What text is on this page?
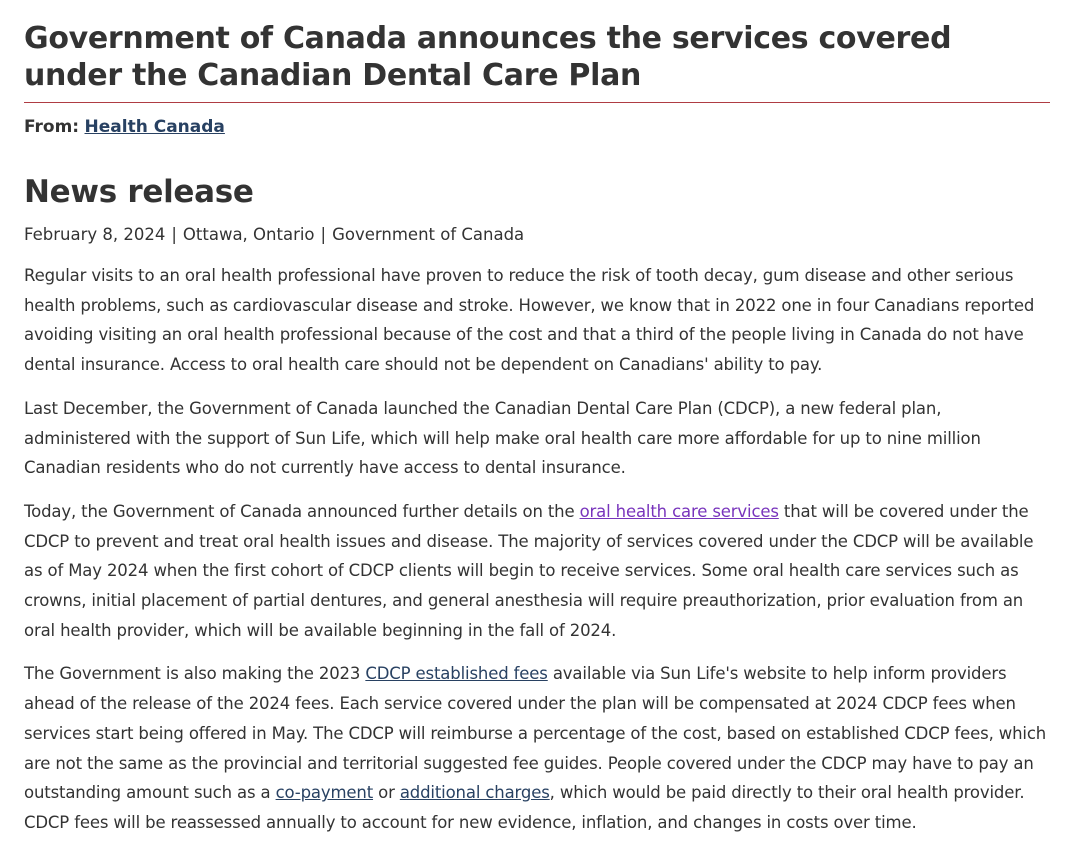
Government of Canada announces the services covered under the Canadian Dental Care Plan
From: Health Canada
News release
February 8, 2024 | Ottawa, Ontario | Government of Canada

Regular visits to an oral health professional have proven to reduce the risk of tooth decay, gum disease and other serious health problems, such as cardiovascular disease and stroke. However, we know that in 2022 one in four Canadians reported avoiding visiting an oral health professional because of the cost and that a third of the people living in Canada do not have dental insurance. Access to oral health care should not be dependent on Canadians' ability to pay.

Last December, the Government of Canada launched the Canadian Dental Care Plan (CDCP), a new federal plan, administered with the support of Sun Life, which will help make oral health care more affordable for up to nine million Canadian residents who do not currently have access to dental insurance.

Today, the Government of Canada announced further details on the oral health care services that will be covered under the CDCP to prevent and treat oral health issues and disease. The majority of services covered under the CDCP will be available as of May 2024 when the first cohort of CDCP clients will begin to receive services. Some oral health care services such as crowns, initial placement of partial dentures, and general anesthesia will require preauthorization, prior evaluation from an oral health provider, which will be available beginning in the fall of 2024.

The Government is also making the 2023 CDCP established fees available via Sun Life's website to help inform providers ahead of the release of the 2024 fees. Each service covered under the plan will be compensated at 2024 CDCP fees when services start being offered in May. The CDCP will reimburse a percentage of the cost, based on established CDCP fees, which are not the same as the provincial and territorial suggested fee guides. People covered under the CDCP may have to pay an outstanding amount such as a co-payment or additional charges, which would be paid directly to their oral health provider. CDCP fees will be reassessed annually to account for new evidence, inflation, and changes in costs over time.
